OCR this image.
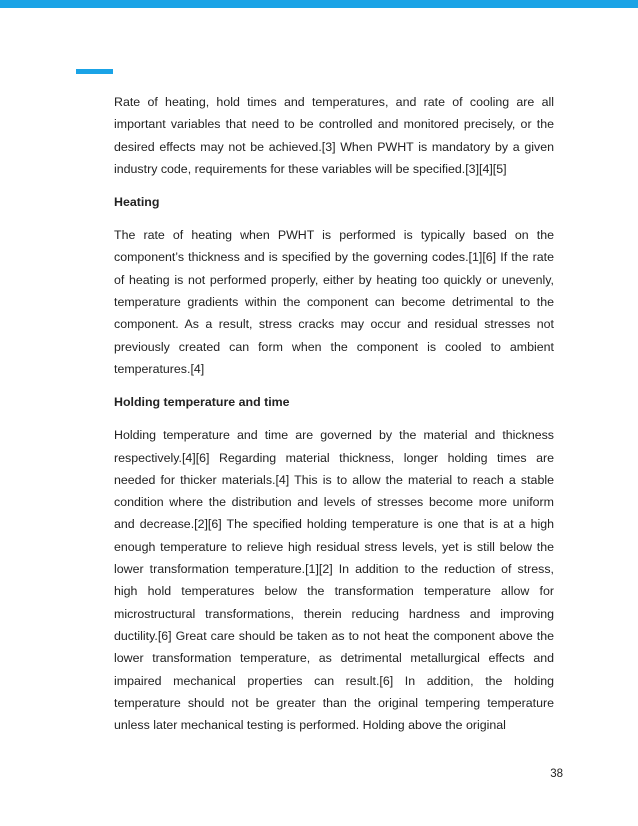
Rate of heating, hold times and temperatures, and rate of cooling are all important variables that need to be controlled and monitored precisely, or the desired effects may not be achieved.[3] When PWHT is mandatory by a given industry code, requirements for these variables will be specified.[3][4][5]

Heating

The rate of heating when PWHT is performed is typically based on the component’s thickness and is specified by the governing codes.[1][6] If the rate of heating is not performed properly, either by heating too quickly or unevenly, temperature gradients within the component can become detrimental to the component. As a result, stress cracks may occur and residual stresses not previously created can form when the component is cooled to ambient temperatures.[4]

Holding temperature and time

Holding temperature and time are governed by the material and thickness respectively.[4][6] Regarding material thickness, longer holding times are needed for thicker materials.[4] This is to allow the material to reach a stable condition where the distribution and levels of stresses become more uniform and decrease.[2][6] The specified holding temperature is one that is at a high enough temperature to relieve high residual stress levels, yet is still below the lower transformation temperature.[1][2] In addition to the reduction of stress, high hold temperatures below the transformation temperature allow for microstructural transformations, therein reducing hardness and improving ductility.[6] Great care should be taken as to not heat the component above the lower transformation temperature, as detrimental metallurgical effects and impaired mechanical properties can result.[6] In addition, the holding temperature should not be greater than the original tempering temperature unless later mechanical testing is performed. Holding above the original

38
